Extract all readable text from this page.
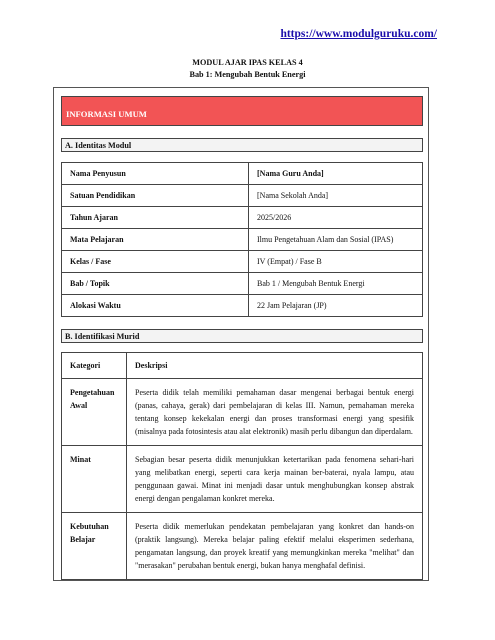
https://www.modulguruku.com/
MODUL AJAR IPAS KELAS 4
Bab 1: Mengubah Bentuk Energi
INFORMASI UMUM
A. Identitas Modul
Nama Penyusun	[Nama Guru Anda]
Satuan Pendidikan	[Nama Sekolah Anda]
Tahun Ajaran	2025/2026
Mata Pelajaran	Ilmu Pengetahuan Alam dan Sosial (IPAS)
Kelas / Fase	IV (Empat) / Fase B
Bab / Topik	Bab 1 / Mengubah Bentuk Energi
Alokasi Waktu	22 Jam Pelajaran (JP)
B. Identifikasi Murid
Kategori	Deskripsi
Pengetahuan Awal	Peserta didik telah memiliki pemahaman dasar mengenai berbagai bentuk energi (panas, cahaya, gerak) dari pembelajaran di kelas III. Namun, pemahaman mereka tentang konsep kekekalan energi dan proses transformasi energi yang spesifik (misalnya pada fotosintesis atau alat elektronik) masih perlu dibangun dan diperdalam.
Minat	Sebagian besar peserta didik menunjukkan ketertarikan pada fenomena sehari-hari yang melibatkan energi, seperti cara kerja mainan ber-baterai, nyala lampu, atau penggunaan gawai. Minat ini menjadi dasar untuk menghubungkan konsep abstrak energi dengan pengalaman konkret mereka.
Kebutuhan Belajar	Peserta didik memerlukan pendekatan pembelajaran yang konkret dan hands-on (praktik langsung). Mereka belajar paling efektif melalui eksperimen sederhana, pengamatan langsung, dan proyek kreatif yang memungkinkan mereka "melihat" dan "merasakan" perubahan bentuk energi, bukan hanya menghafal definisi.
